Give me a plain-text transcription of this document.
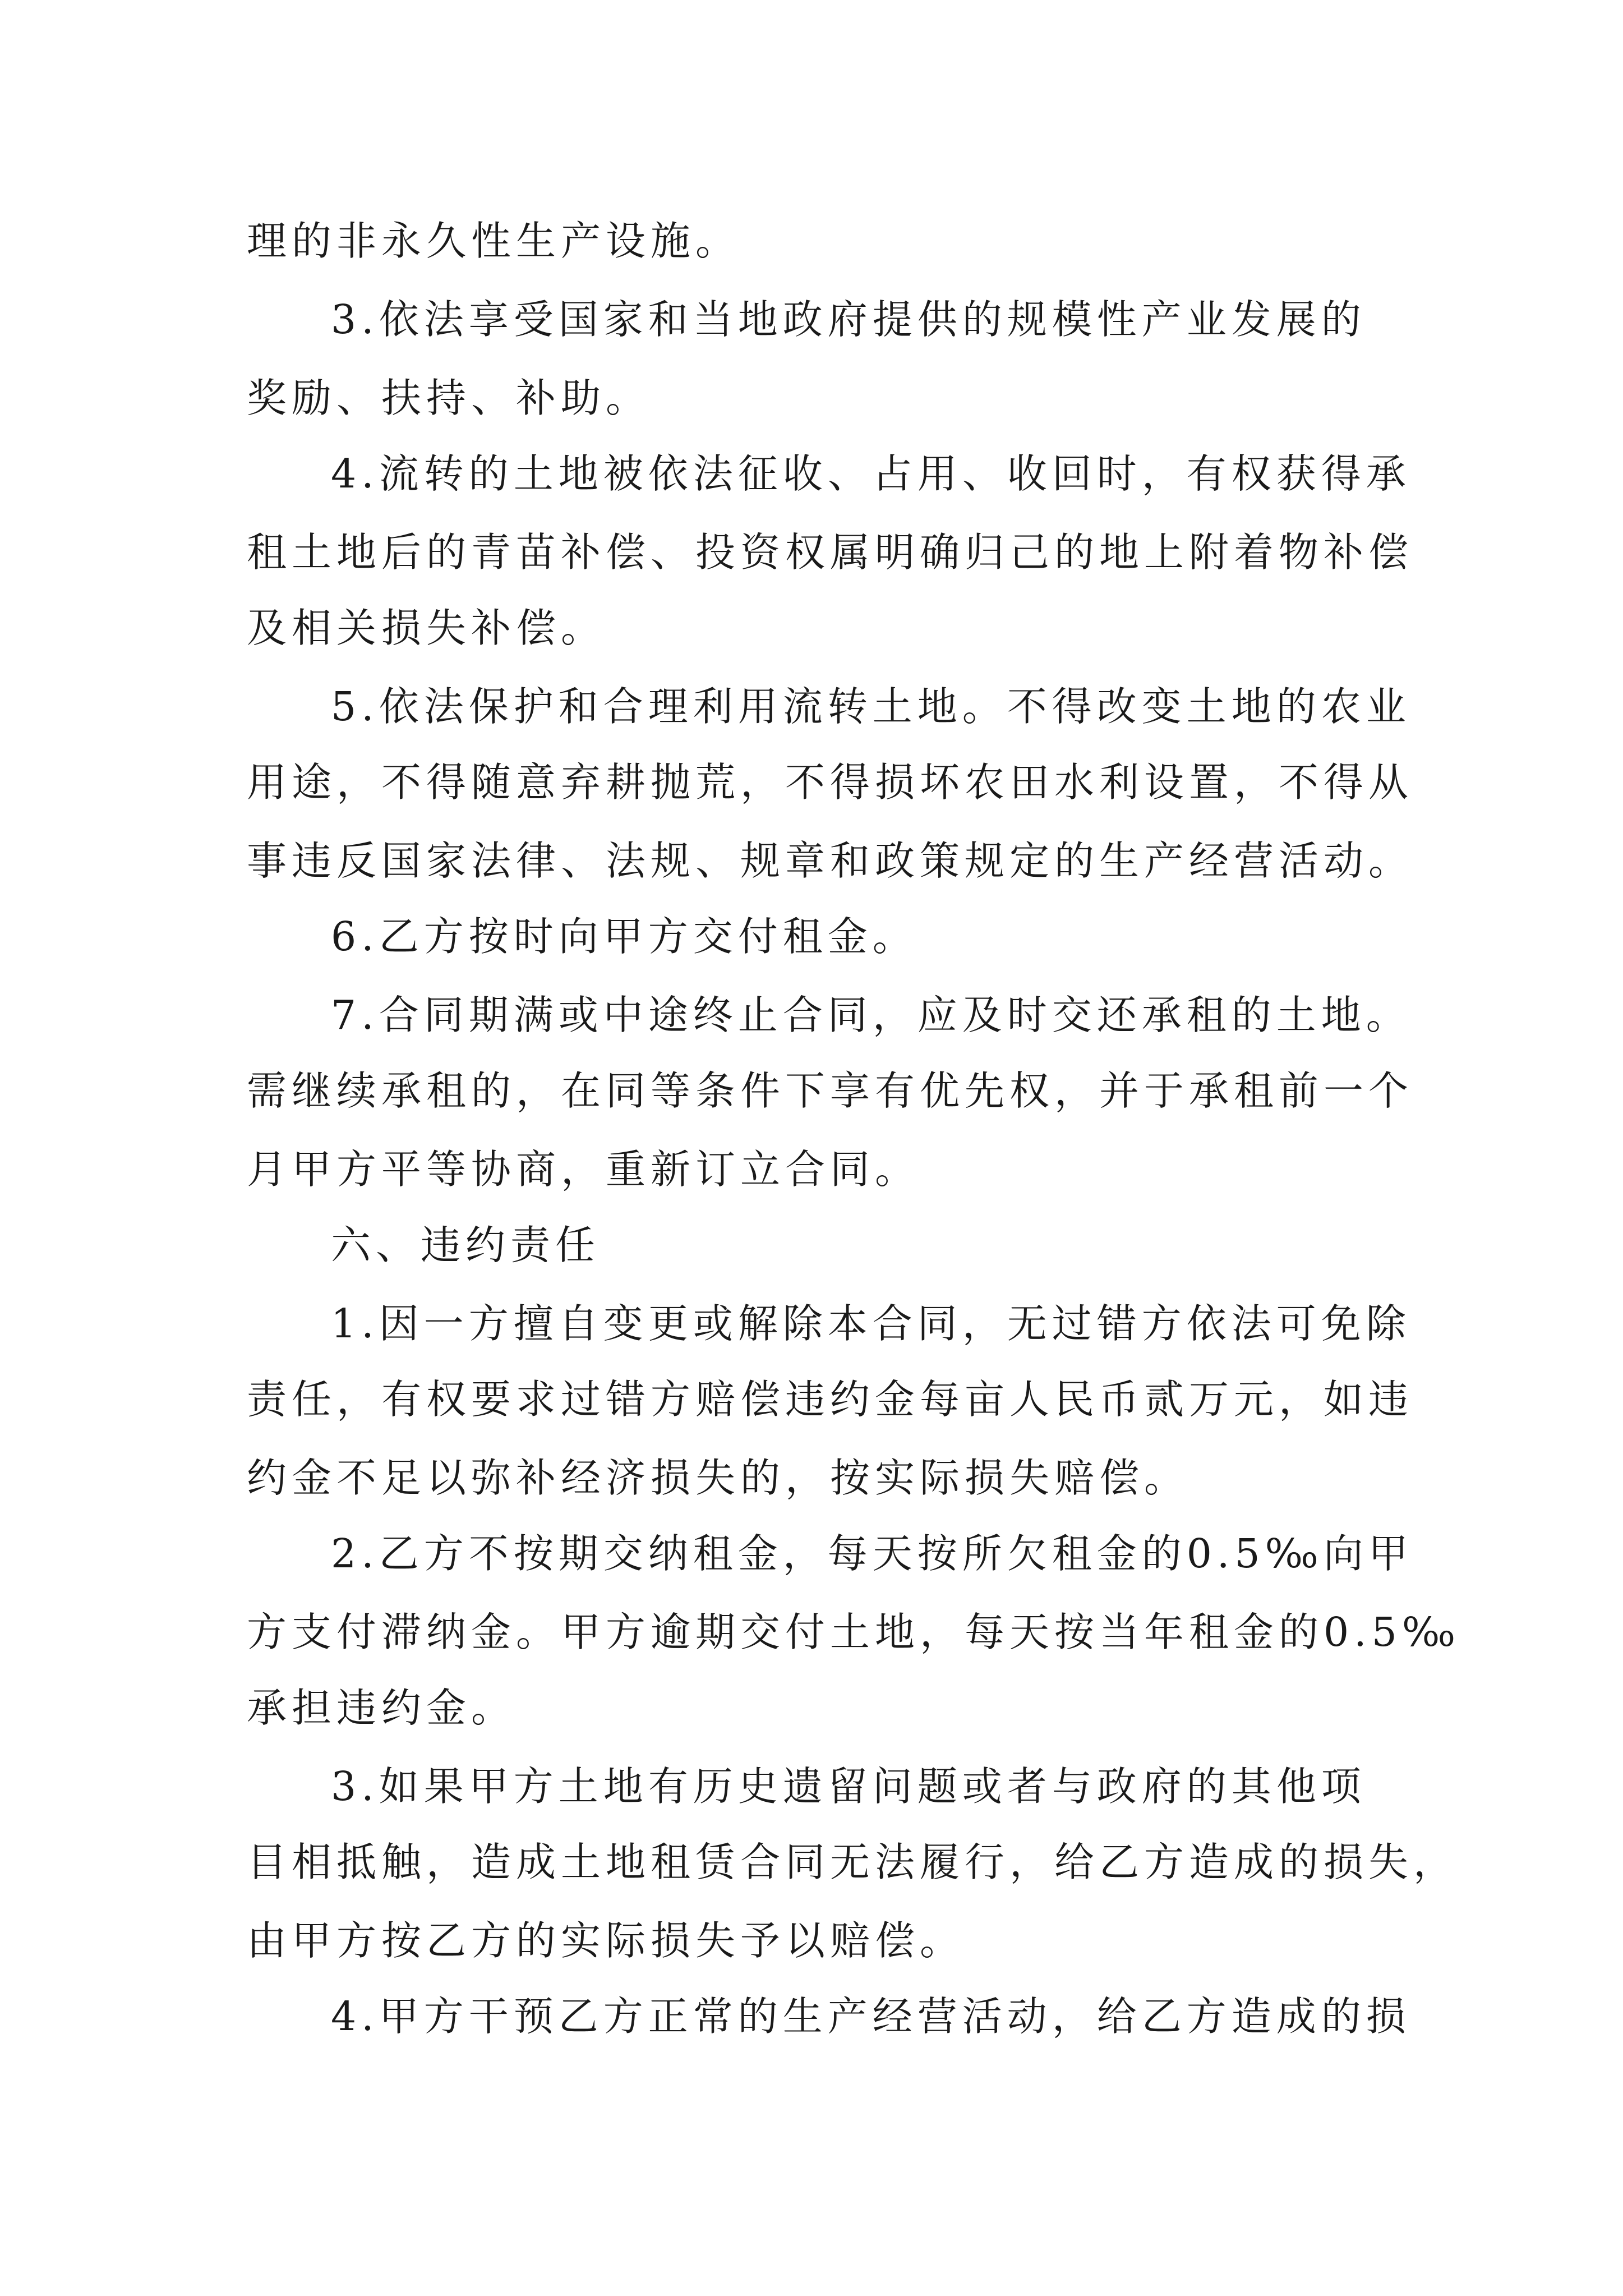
理的非永久性生产设施。
3.依法享受国家和当地政府提供的规模性产业发展的
奖励、扶持、补助。
4.流转的土地被依法征收、占用、收回时，有权获得承
租土地后的青苗补偿、投资权属明确归己的地上附着物补偿
及相关损失补偿。
5.依法保护和合理利用流转土地。不得改变土地的农业
用途，不得随意弃耕抛荒，不得损坏农田水利设置，不得从
事违反国家法律、法规、规章和政策规定的生产经营活动。
6.乙方按时向甲方交付租金。
7.合同期满或中途终止合同，应及时交还承租的土地。
需继续承租的，在同等条件下享有优先权，并于承租前一个
月甲方平等协商，重新订立合同。
六、违约责任
1.因一方擅自变更或解除本合同，无过错方依法可免除
责任，有权要求过错方赔偿违约金每亩人民币贰万元，如违
约金不足以弥补经济损失的，按实际损失赔偿。
2.乙方不按期交纳租金，每天按所欠租金的0.5‰向甲
方支付滞纳金。甲方逾期交付土地，每天按当年租金的0.5‰
承担违约金。
3.如果甲方土地有历史遗留问题或者与政府的其他项
目相抵触，造成土地租赁合同无法履行，给乙方造成的损失，
由甲方按乙方的实际损失予以赔偿。
4.甲方干预乙方正常的生产经营活动，给乙方造成的损
